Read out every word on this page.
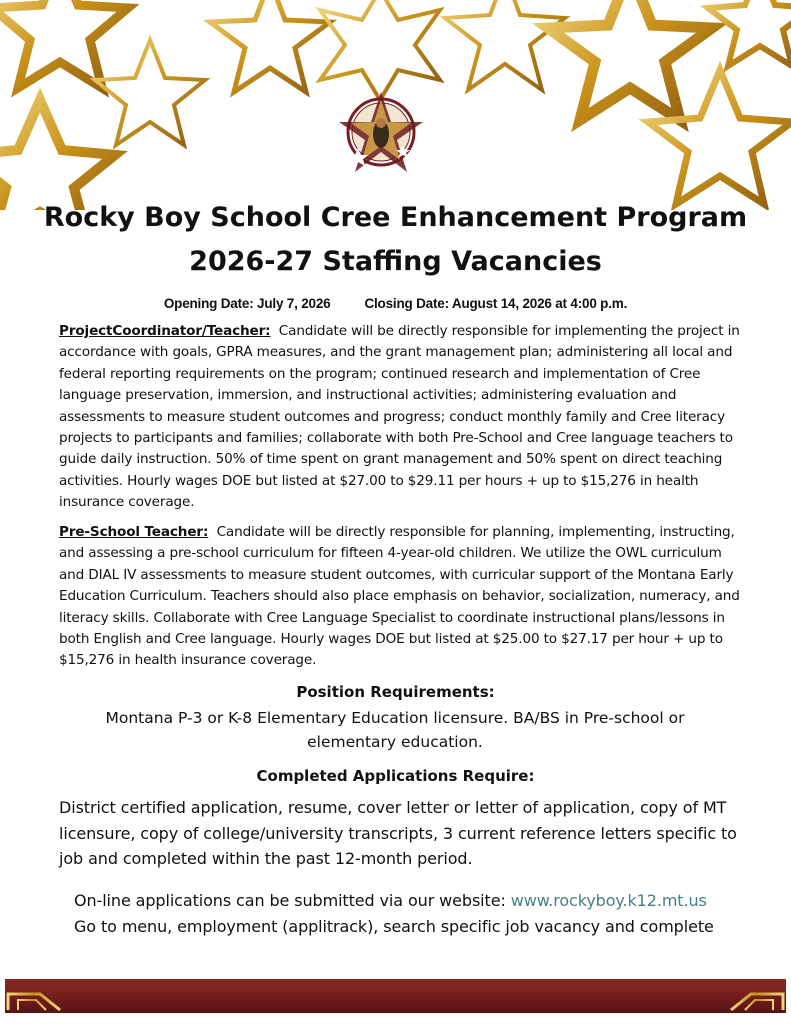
Rocky Boy School Cree Enhancement Program
2026-27 Staffing Vacancies
Opening Date: July 7, 2026	Closing Date: August 14, 2026 at 4:00 p.m.

ProjectCoordinator/Teacher: Candidate will be directly responsible for implementing the project in accordance with goals, GPRA measures, and the grant management plan; administering all local and federal reporting requirements on the program; continued research and implementation of Cree language preservation, immersion, and instructional activities; administering evaluation and assessments to measure student outcomes and progress; conduct monthly family and Cree literacy projects to participants and families; collaborate with both Pre-School and Cree language teachers to guide daily instruction. 50% of time spent on grant management and 50% spent on direct teaching activities. Hourly wages DOE but listed at $27.00 to $29.11 per hours + up to $15,276 in health insurance coverage.

Pre-School Teacher: Candidate will be directly responsible for planning, implementing, instructing, and assessing a pre-school curriculum for fifteen 4-year-old children. We utilize the OWL curriculum and DIAL IV assessments to measure student outcomes, with curricular support of the Montana Early Education Curriculum. Teachers should also place emphasis on behavior, socialization, numeracy, and literacy skills. Collaborate with Cree Language Specialist to coordinate instructional plans/lessons in both English and Cree language. Hourly wages DOE but listed at $25.00 to $27.17 per hour + up to $15,276 in health insurance coverage.

Position Requirements:
Montana P-3 or K-8 Elementary Education licensure. BA/BS in Pre-school or elementary education.
Completed Applications Require:
District certified application, resume, cover letter or letter of application, copy of MT licensure, copy of college/university transcripts, 3 current reference letters specific to job and completed within the past 12-month period.
On-line applications can be submitted via our website: www.rockyboy.k12.mt.us
Go to menu, employment (applitrack), search specific job vacancy and complete
